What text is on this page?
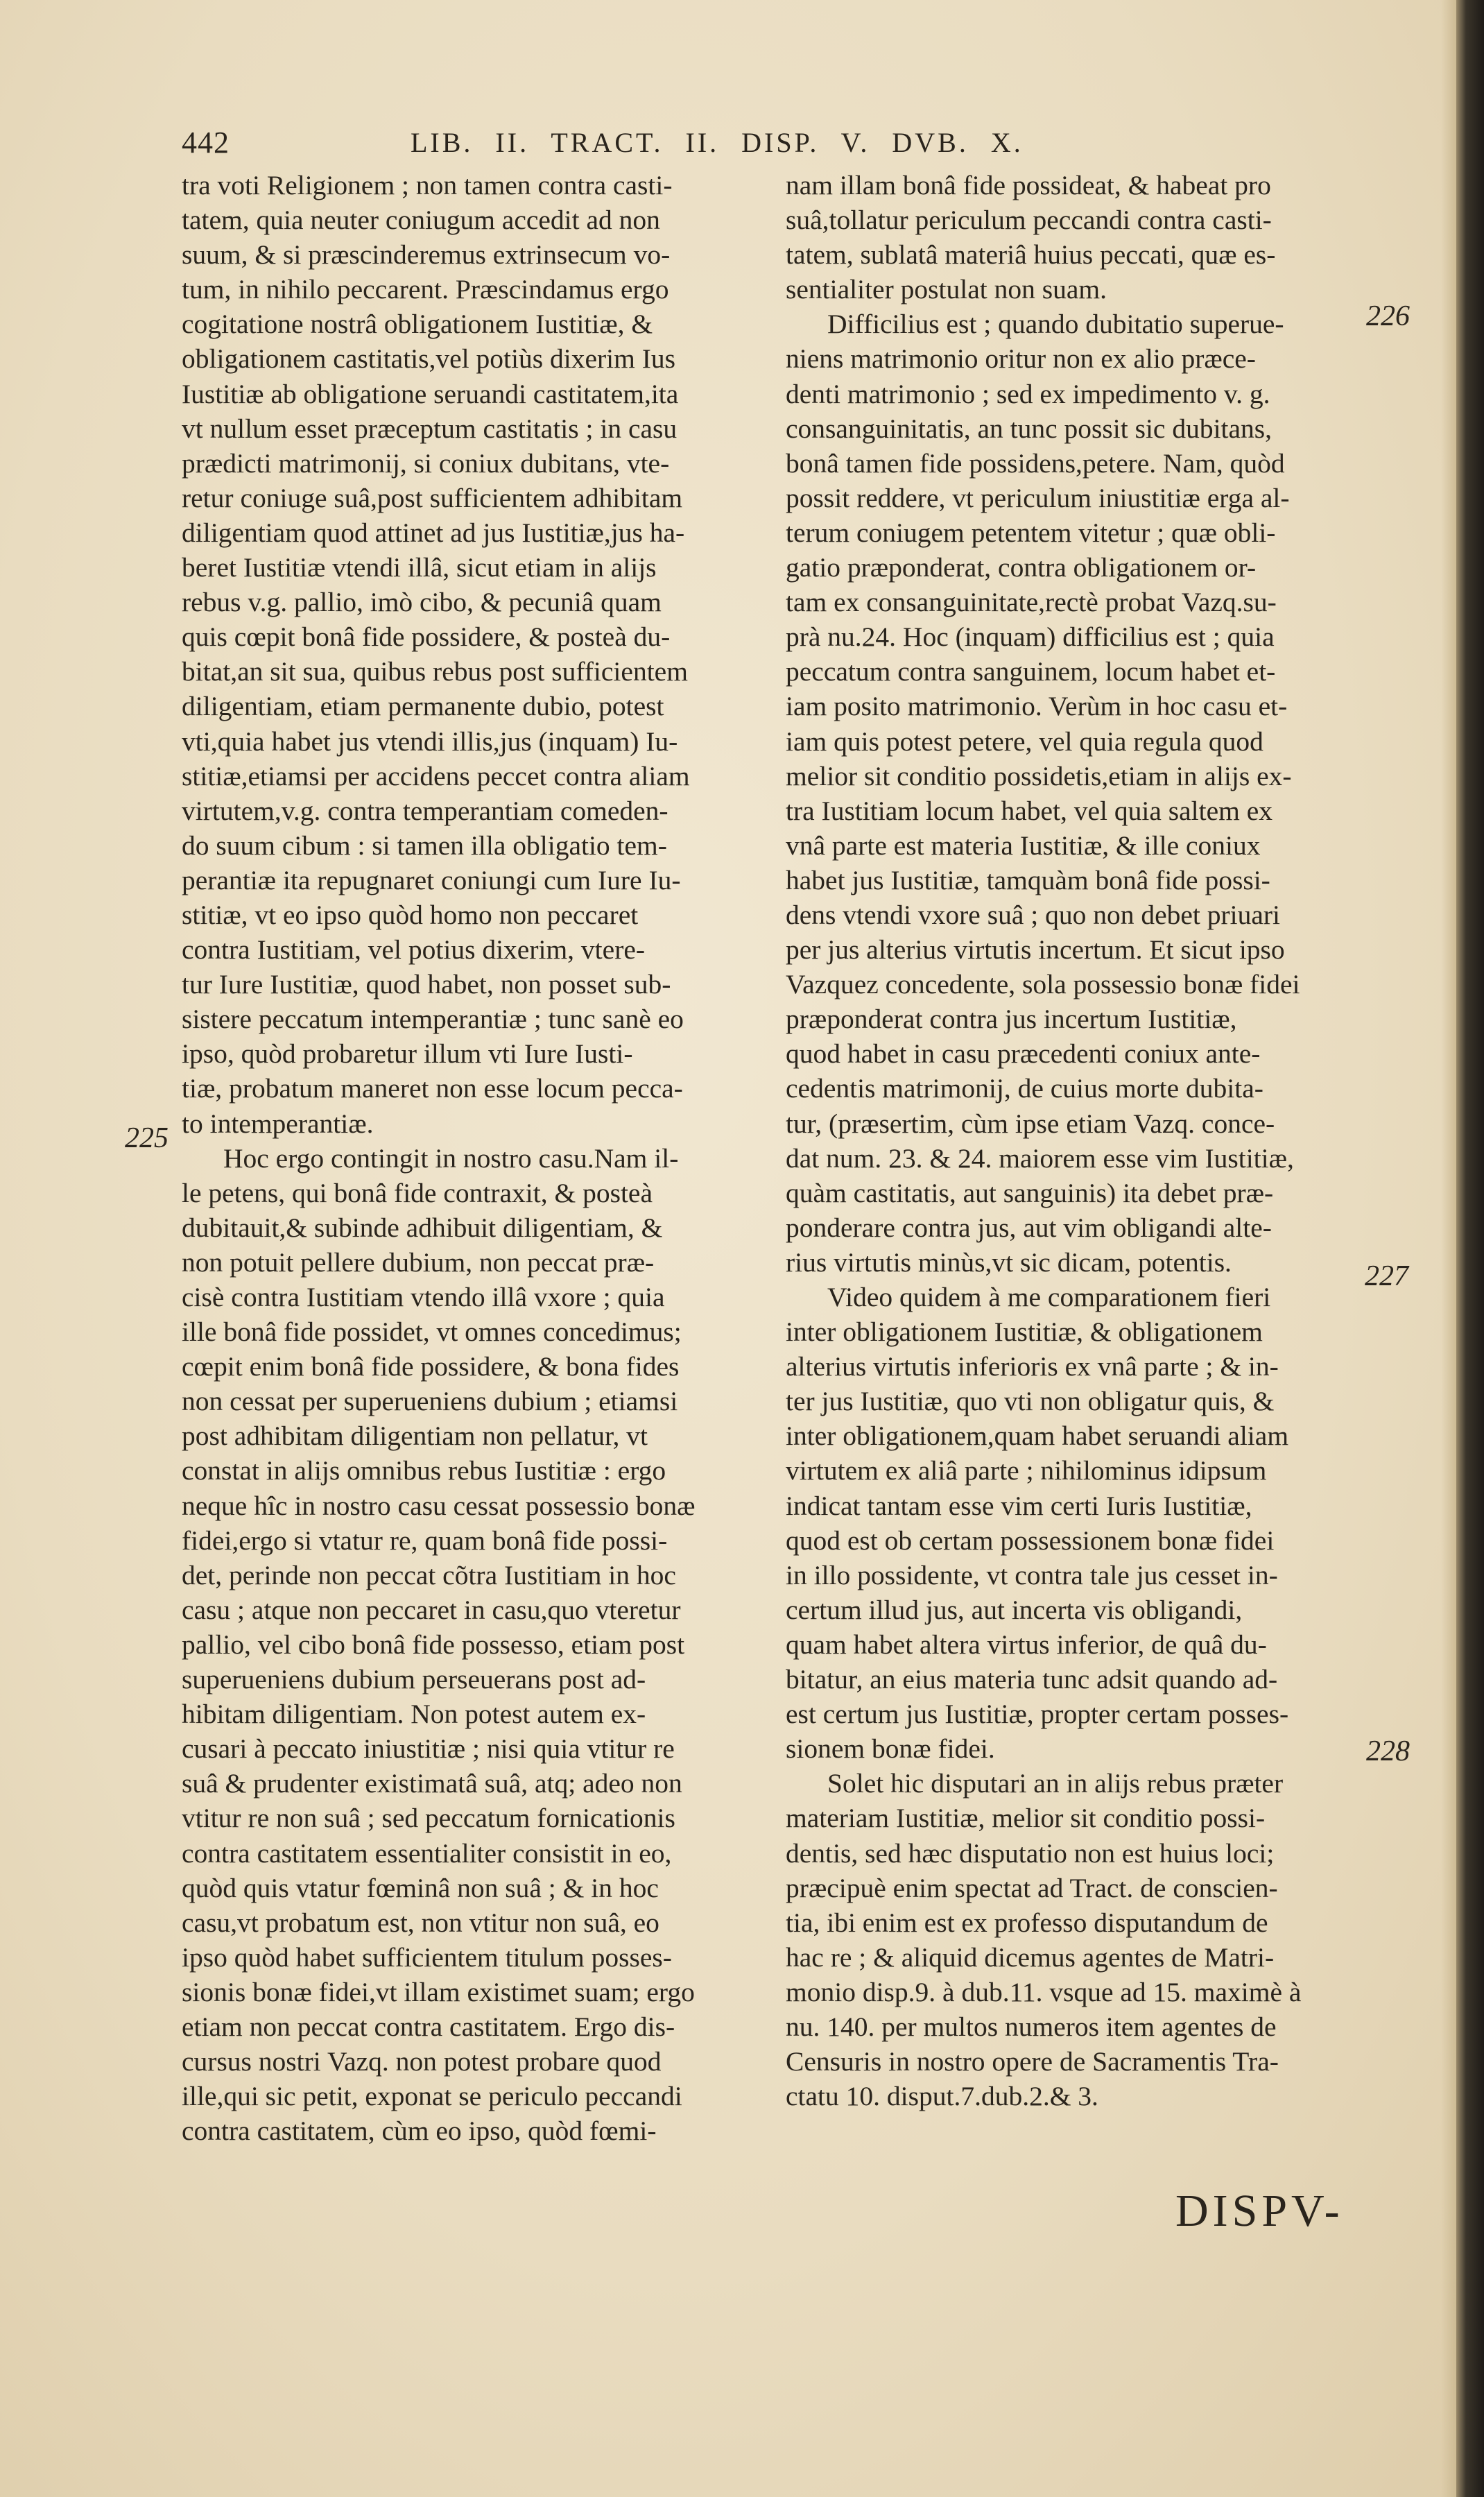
442	LIB. II. TRACT. II. DISP. V. DVB. X.
tra voti Religionem ; non tamen contra casti-
tatem, quia neuter coniugum accedit ad non
suum, & si præscinderemus extrinsecum vo-
tum, in nihilo peccarent. Præscindamus ergo
cogitatione nostrâ obligationem Iustitiæ, &
obligationem castitatis,vel potiùs dixerim Ius
Iustitiæ ab obligatione seruandi castitatem,ita
vt nullum esset præceptum castitatis ; in casu
prædicti matrimonij, si coniux dubitans, vte-
retur coniuge suâ,post sufficientem adhibitam
diligentiam quod attinet ad jus Iustitiæ,jus ha-
beret Iustitiæ vtendi illâ, sicut etiam in alijs
rebus v.g. pallio, imò cibo, & pecuniâ quam
quis cœpit bonâ fide possidere, & posteà du-
bitat,an sit sua, quibus rebus post sufficientem
diligentiam, etiam permanente dubio, potest
vti,quia habet jus vtendi illis,jus (inquam) Iu-
stitiæ,etiamsi per accidens peccet contra aliam
virtutem,v.g. contra temperantiam comeden-
do suum cibum : si tamen illa obligatio tem-
perantiæ ita repugnaret coniungi cum Iure Iu-
stitiæ, vt eo ipso quòd homo non peccaret
contra Iustitiam, vel potius dixerim, vtere-
tur Iure Iustitiæ, quod habet, non posset sub-
sistere peccatum intemperantiæ ; tunc sanè eo
ipso, quòd probaretur illum vti Iure Iusti-
tiæ, probatum maneret non esse locum pecca-
to intemperantiæ.
Hoc ergo contingit in nostro casu.Nam il-
le petens, qui bonâ fide contraxit, & posteà
dubitauit,& subinde adhibuit diligentiam, &
non potuit pellere dubium, non peccat præ-
cisè contra Iustitiam vtendo illâ vxore ; quia
ille bonâ fide possidet, vt omnes concedimus;
cœpit enim bonâ fide possidere, & bona fides
non cessat per superueniens dubium ; etiamsi
post adhibitam diligentiam non pellatur, vt
constat in alijs omnibus rebus Iustitiæ : ergo
neque hîc in nostro casu cessat possessio bonæ
fidei,ergo si vtatur re, quam bonâ fide possi-
det, perinde non peccat cõtra Iustitiam in hoc
casu ; atque non peccaret in casu,quo vteretur
pallio, vel cibo bonâ fide possesso, etiam post
superueniens dubium perseuerans post ad-
hibitam diligentiam. Non potest autem ex-
cusari à peccato iniustitiæ ; nisi quia vtitur re
suâ & prudenter existimatâ suâ, atq; adeo non
vtitur re non suâ ; sed peccatum fornicationis
contra castitatem essentialiter consistit in eo,
quòd quis vtatur fœminâ non suâ ; & in hoc
casu,vt probatum est, non vtitur non suâ, eo
ipso quòd habet sufficientem titulum posses-
sionis bonæ fidei,vt illam existimet suam; ergo
etiam non peccat contra castitatem. Ergo dis-
cursus nostri Vazq. non potest probare quod
ille,qui sic petit, exponat se periculo peccandi
contra castitatem, cùm eo ipso, quòd fœmi-
nam illam bonâ fide possideat, & habeat pro
suâ,tollatur periculum peccandi contra casti-
tatem, sublatâ materiâ huius peccati, quæ es-
sentialiter postulat non suam.
Difficilius est ; quando dubitatio superue-
niens matrimonio oritur non ex alio præce-
denti matrimonio ; sed ex impedimento v. g.
consanguinitatis, an tunc possit sic dubitans,
bonâ tamen fide possidens,petere. Nam, quòd
possit reddere, vt periculum iniustitiæ erga al-
terum coniugem petentem vitetur ; quæ obli-
gatio præponderat, contra obligationem or-
tam ex consanguinitate,rectè probat Vazq.su-
prà nu.24. Hoc (inquam) difficilius est ; quia
peccatum contra sanguinem, locum habet et-
iam posito matrimonio. Verùm in hoc casu et-
iam quis potest petere, vel quia regula quod
melior sit conditio possidetis,etiam in alijs ex-
tra Iustitiam locum habet, vel quia saltem ex
vnâ parte est materia Iustitiæ, & ille coniux
habet jus Iustitiæ, tamquàm bonâ fide possi-
dens vtendi vxore suâ ; quo non debet priuari
per jus alterius virtutis incertum. Et sicut ipso
Vazquez concedente, sola possessio bonæ fidei
præponderat contra jus incertum Iustitiæ,
quod habet in casu præcedenti coniux ante-
cedentis matrimonij, de cuius morte dubita-
tur, (præsertim, cùm ipse etiam Vazq. conce-
dat num. 23. & 24. maiorem esse vim Iustitiæ,
quàm castitatis, aut sanguinis) ita debet præ-
ponderare contra jus, aut vim obligandi alte-
rius virtutis minùs,vt sic dicam, potentis.
Video quidem à me comparationem fieri
inter obligationem Iustitiæ, & obligationem
alterius virtutis inferioris ex vnâ parte ; & in-
ter jus Iustitiæ, quo vti non obligatur quis, &
inter obligationem,quam habet seruandi aliam
virtutem ex aliâ parte ; nihilominus idipsum
indicat tantam esse vim certi Iuris Iustitiæ,
quod est ob certam possessionem bonæ fidei
in illo possidente, vt contra tale jus cesset in-
certum illud jus, aut incerta vis obligandi,
quam habet altera virtus inferior, de quâ du-
bitatur, an eius materia tunc adsit quando ad-
est certum jus Iustitiæ, propter certam posses-
sionem bonæ fidei.
Solet hic disputari an in alijs rebus præter
materiam Iustitiæ, melior sit conditio possi-
dentis, sed hæc disputatio non est huius loci;
præcipuè enim spectat ad Tract. de conscien-
tia, ibi enim est ex professo disputandum de
hac re ; & aliquid dicemus agentes de Matri-
monio disp.9. à dub.11. vsque ad 15. maximè à
nu. 140. per multos numeros item agentes de
Censuris in nostro opere de Sacramentis Tra-
ctatu 10. disput.7.dub.2.& 3.
225
226
227
228
DISPV-
